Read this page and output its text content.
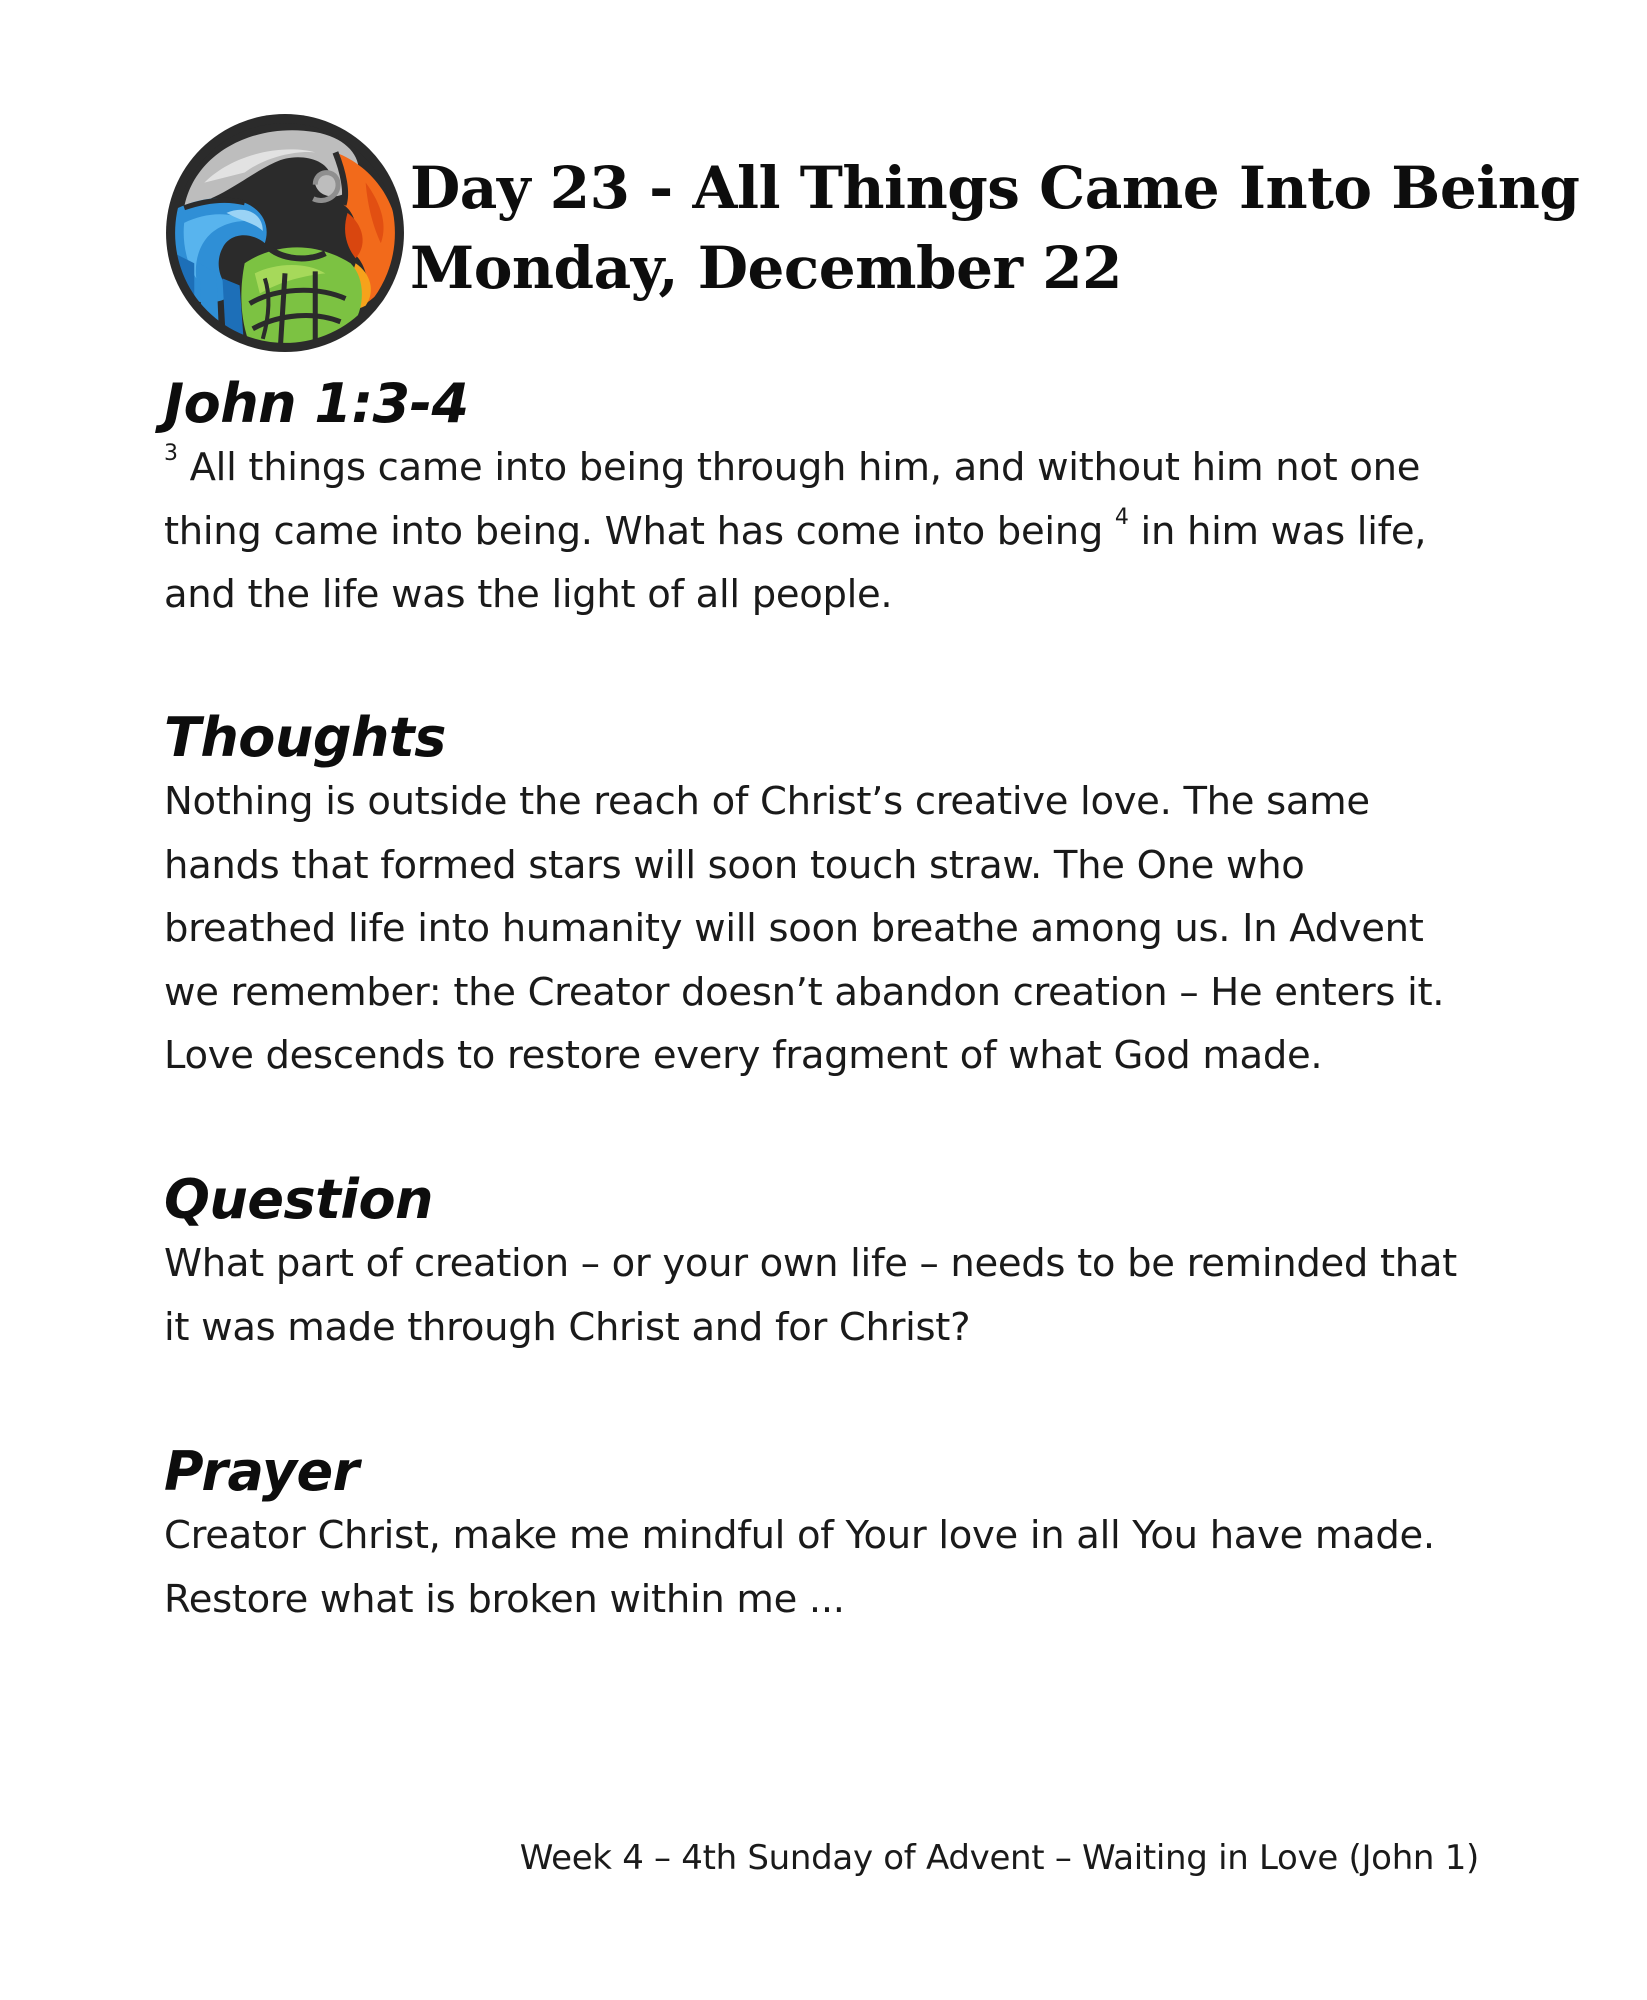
Day 23 - All Things Came Into Being
Monday, December 22
John 1:3-4

$^3$ All things came into being through him, and without him not one thing came into being. What has come into being $^4$ in him was life, and the life was the light of all people.

Thoughts

Nothing is outside the reach of Christ’s creative love. The same hands that formed stars will soon touch straw. The One who breathed life into humanity will soon breathe among us. In Advent we remember: the Creator doesn’t abandon creation – He enters it. Love descends to restore every fragment of what God made.

Question

What part of creation – or your own life – needs to be reminded that it was made through Christ and for Christ?

Prayer

Creator Christ, make me mindful of Your love in all You have made. Restore what is broken within me ...

Week 4 – 4th Sunday of Advent – Waiting in Love (John 1)
